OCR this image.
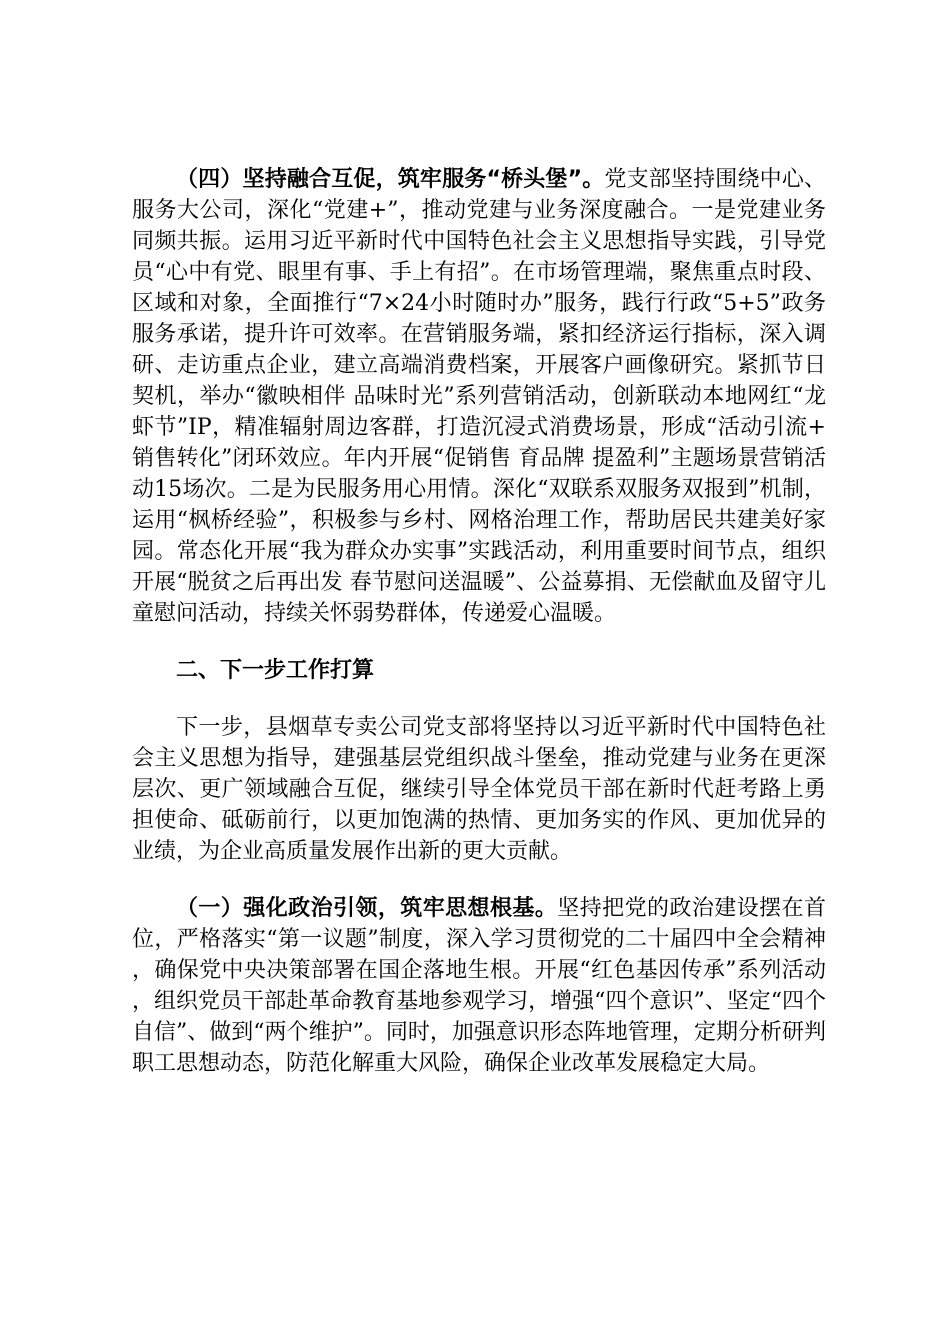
（四）坚持融合互促，筑牢服务“桥头堡”。党支部坚持围绕中心、服务大公司，深化“党建+”，推动党建与业务深度融合。一是党建业务同频共振。运用习近平新时代中国特色社会主义思想指导实践，引导党员“心中有党、眼里有事、手上有招”。在市场管理端，聚焦重点时段、区域和对象，全面推行“7×24小时随时办”服务，践行行政“5+5”政务服务承诺，提升许可效率。在营销服务端，紧扣经济运行指标，深入调研、走访重点企业，建立高端消费档案，开展客户画像研究。紧抓节日契机，举办“徽映相伴 品味时光”系列营销活动，创新联动本地网红“龙虾节”IP，精准辐射周边客群，打造沉浸式消费场景，形成“活动引流+销售转化”闭环效应。年内开展“促销售 育品牌 提盈利”主题场景营销活动15场次。二是为民服务用心用情。深化“双联系双服务双报到”机制，运用“枫桥经验”，积极参与乡村、网格治理工作，帮助居民共建美好家园。常态化开展“我为群众办实事”实践活动，利用重要时间节点，组织开展“脱贫之后再出发 春节慰问送温暖”、公益募捐、无偿献血及留守儿童慰问活动，持续关怀弱势群体，传递爱心温暖。

二、下一步工作打算

下一步，县烟草专卖公司党支部将坚持以习近平新时代中国特色社会主义思想为指导，建强基层党组织战斗堡垒，推动党建与业务在更深层次、更广领域融合互促，继续引导全体党员干部在新时代赶考路上勇担使命、砥砺前行，以更加饱满的热情、更加务实的作风、更加优异的业绩，为企业高质量发展作出新的更大贡献。

（一）强化政治引领，筑牢思想根基。坚持把党的政治建设摆在首位，严格落实“第一议题”制度，深入学习贯彻党的二十届四中全会精神，确保党中央决策部署在国企落地生根。开展“红色基因传承”系列活动，组织党员干部赴革命教育基地参观学习，增强“四个意识”、坚定“四个自信”、做到“两个维护”。同时，加强意识形态阵地管理，定期分析研判职工思想动态，防范化解重大风险，确保企业改革发展稳定大局。
